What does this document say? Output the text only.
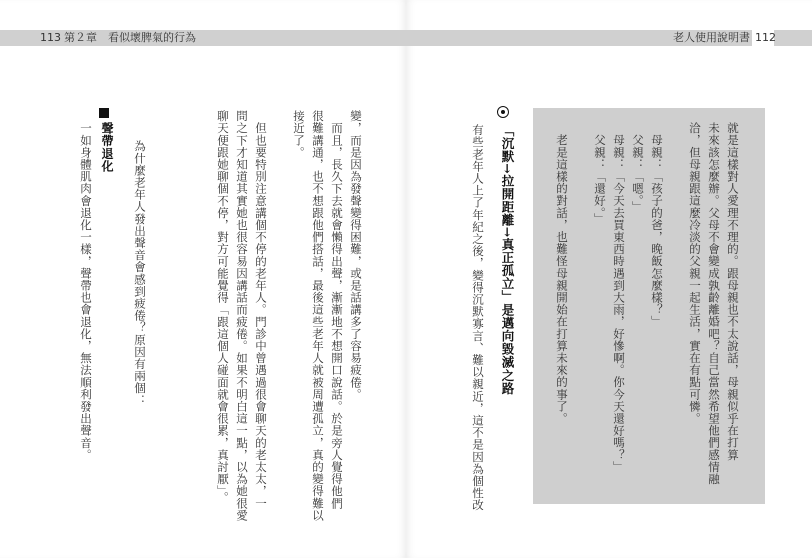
113 第２章　看似壞脾氣的行為	老人使用說明書 112
就是這樣對人愛理不理的。跟母親也不太說話，母親似乎在打算
未來該怎麼辦。父母不會變成孰齡離婚吧？自己當然希望他們感情融
洽，但母親跟這麼冷淡的父親一起生活，實在有點可憐。
　母親：「孩子的爸，晚飯怎麼樣？」
　父親：「嗯。」
　母親：「今天去買東西時遇到大雨，好慘啊。你今天還好嗎？」
　父親：「還好。」
　老是這樣的對話，也難怪母親開始在打算未來的事了。
「沉默→拉開距離→真正孤立」是邁向毀滅之路
有些老年人上了年紀之後，變得沉默寡言、難以親近，這不是因為個性改
變，而是因為發聲變得困難，或是話講多了容易疲倦。
　而且，長久下去就會懶得出聲，漸漸地不想開口說話。於是旁人覺得他們
很難講通，也不想跟他們搭話，最後這些老年人就被周遭孤立，真的變得難以
接近了。
　但也要特別注意講個不停的老年人。門診中曾遇過很會聊天的老太太，一
問之下才知道其實她也很容易因講話而疲倦。如果不明白這一點，以為她很愛
聊天便跟她聊個不停，對方可能覺得「跟這個人碰面就會很累，真討厭」。
　為什麼老年人發出聲音會感到疲倦？原因有兩個：
聲帶退化
　一如身體肌肉會退化一樣，聲帶也會退化，無法順利發出聲音。
